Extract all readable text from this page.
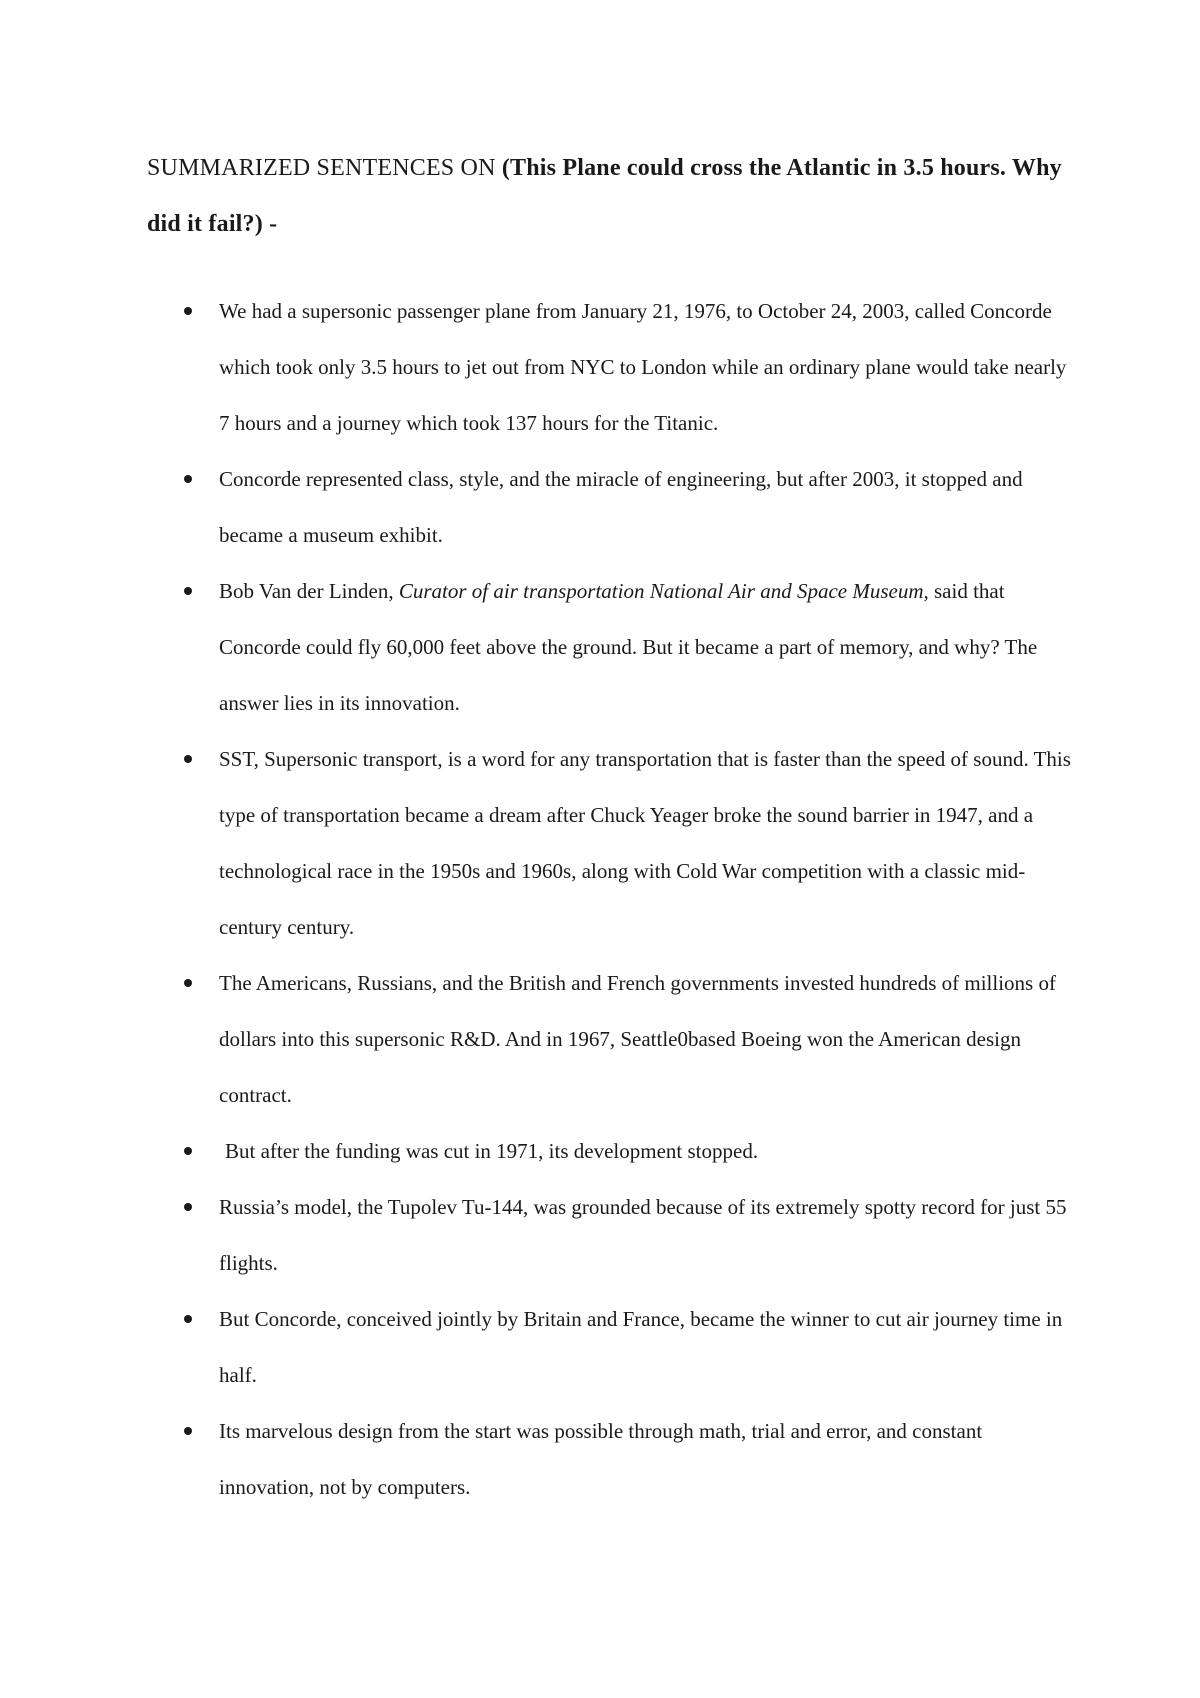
SUMMARIZED SENTENCES ON (This Plane could cross the Atlantic in 3.5 hours. Why did it fail?) -
We had a supersonic passenger plane from January 21, 1976, to October 24, 2003, called Concorde which took only 3.5 hours to jet out from NYC to London while an ordinary plane would take nearly 7 hours and a journey which took 137 hours for the Titanic.
Concorde represented class, style, and the miracle of engineering, but after 2003, it stopped and became a museum exhibit.
Bob Van der Linden, Curator of air transportation National Air and Space Museum, said that Concorde could fly 60,000 feet above the ground. But it became a part of memory, and why? The answer lies in its innovation.
SST, Supersonic transport, is a word for any transportation that is faster than the speed of sound. This type of transportation became a dream after Chuck Yeager broke the sound barrier in 1947, and a technological race in the 1950s and 1960s, along with Cold War competition with a classic mid-century century.
The Americans, Russians, and the British and French governments invested hundreds of millions of dollars into this supersonic R&D. And in 1967, Seattle0based Boeing won the American design contract.
But after the funding was cut in 1971, its development stopped.
Russia’s model, the Tupolev Tu-144, was grounded because of its extremely spotty record for just 55 flights.
But Concorde, conceived jointly by Britain and France, became the winner to cut air journey time in half.
Its marvelous design from the start was possible through math, trial and error, and constant innovation, not by computers.
